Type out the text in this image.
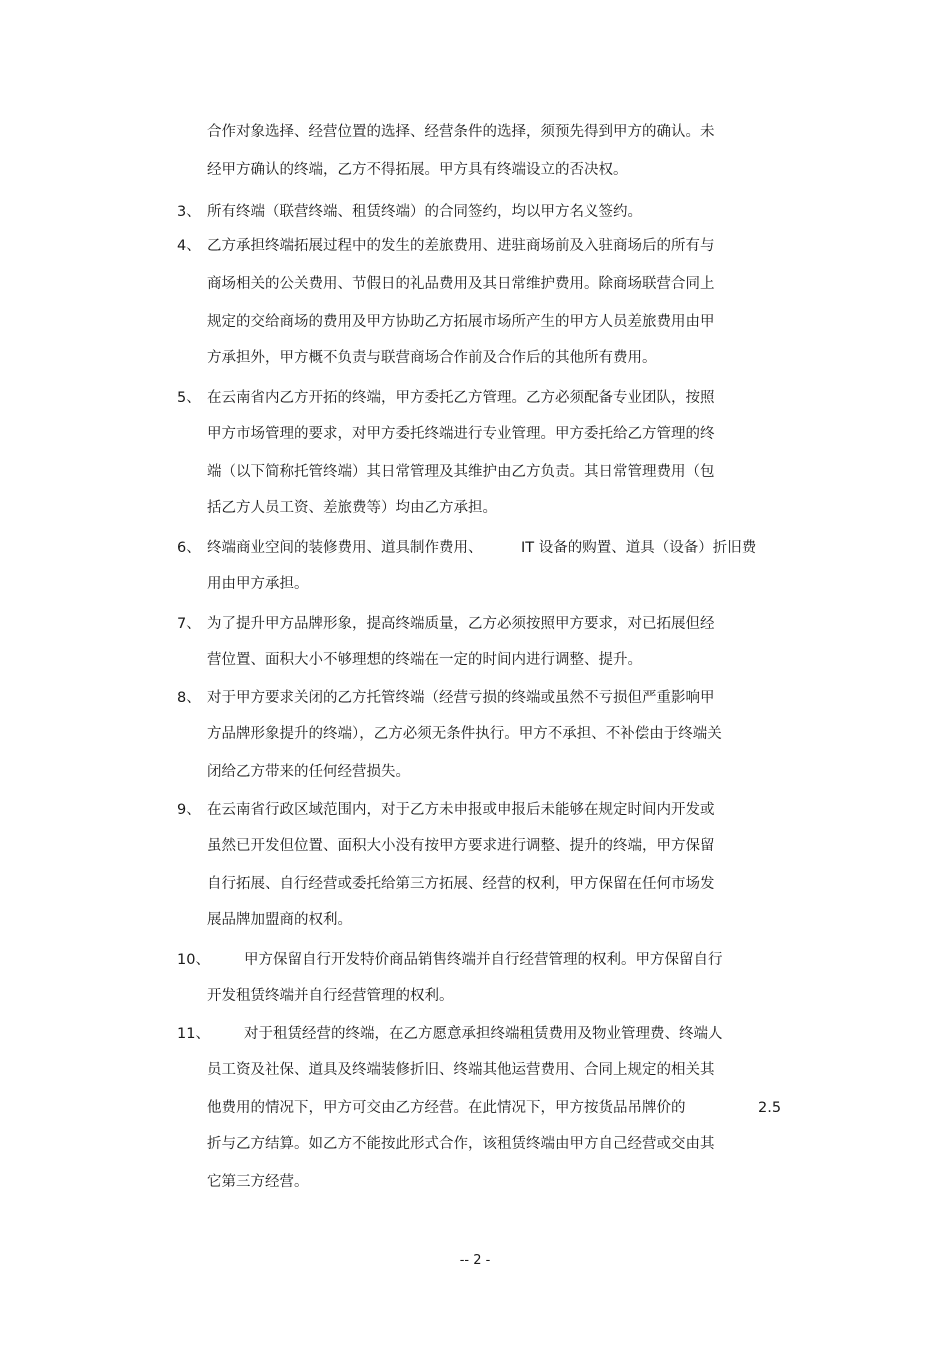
合作对象选择、经营位置的选择、经营条件的选择，须预先得到甲方的确认。未
经甲方确认的终端，乙方不得拓展。甲方具有终端设立的否决权。
3、 所有终端（联营终端、租赁终端）的合同签约，均以甲方名义签约。
4、 乙方承担终端拓展过程中的发生的差旅费用、进驻商场前及入驻商场后的所有与
商场相关的公关费用、节假日的礼品费用及其日常维护费用。除商场联营合同上
规定的交给商场的费用及甲方协助乙方拓展市场所产生的甲方人员差旅费用由甲
方承担外，甲方概不负责与联营商场合作前及合作后的其他所有费用。
5、 在云南省内乙方开拓的终端，甲方委托乙方管理。乙方必须配备专业团队，按照
甲方市场管理的要求，对甲方委托终端进行专业管理。甲方委托给乙方管理的终
端（以下简称托管终端）其日常管理及其维护由乙方负责。其日常管理费用（包
括乙方人员工资、差旅费等）均由乙方承担。
6、 终端商业空间的装修费用、道具制作费用、	IT 设备的购置、道具（设备）折旧费
用由甲方承担。
7、 为了提升甲方品牌形象，提高终端质量，乙方必须按照甲方要求，对已拓展但经
营位置、面积大小不够理想的终端在一定的时间内进行调整、提升。
8、 对于甲方要求关闭的乙方托管终端（经营亏损的终端或虽然不亏损但严重影响甲
方品牌形象提升的终端），乙方必须无条件执行。甲方不承担、不补偿由于终端关
闭给乙方带来的任何经营损失。
9、 在云南省行政区域范围内，对于乙方未申报或申报后未能够在规定时间内开发或
虽然已开发但位置、面积大小没有按甲方要求进行调整、提升的终端，甲方保留
自行拓展、自行经营或委托给第三方拓展、经营的权利，甲方保留在任何市场发
展品牌加盟商的权利。
10、 甲方保留自行开发特价商品销售终端并自行经营管理的权利。甲方保留自行
开发租赁终端并自行经营管理的权利。
11、 对于租赁经营的终端，在乙方愿意承担终端租赁费用及物业管理费、终端人
员工资及社保、道具及终端装修折旧、终端其他运营费用、合同上规定的相关其
他费用的情况下，甲方可交由乙方经营。在此情况下，甲方按货品吊牌价的	2.5
折与乙方结算。如乙方不能按此形式合作，该租赁终端由甲方自己经营或交由其
它第三方经营。
-- 2 -
